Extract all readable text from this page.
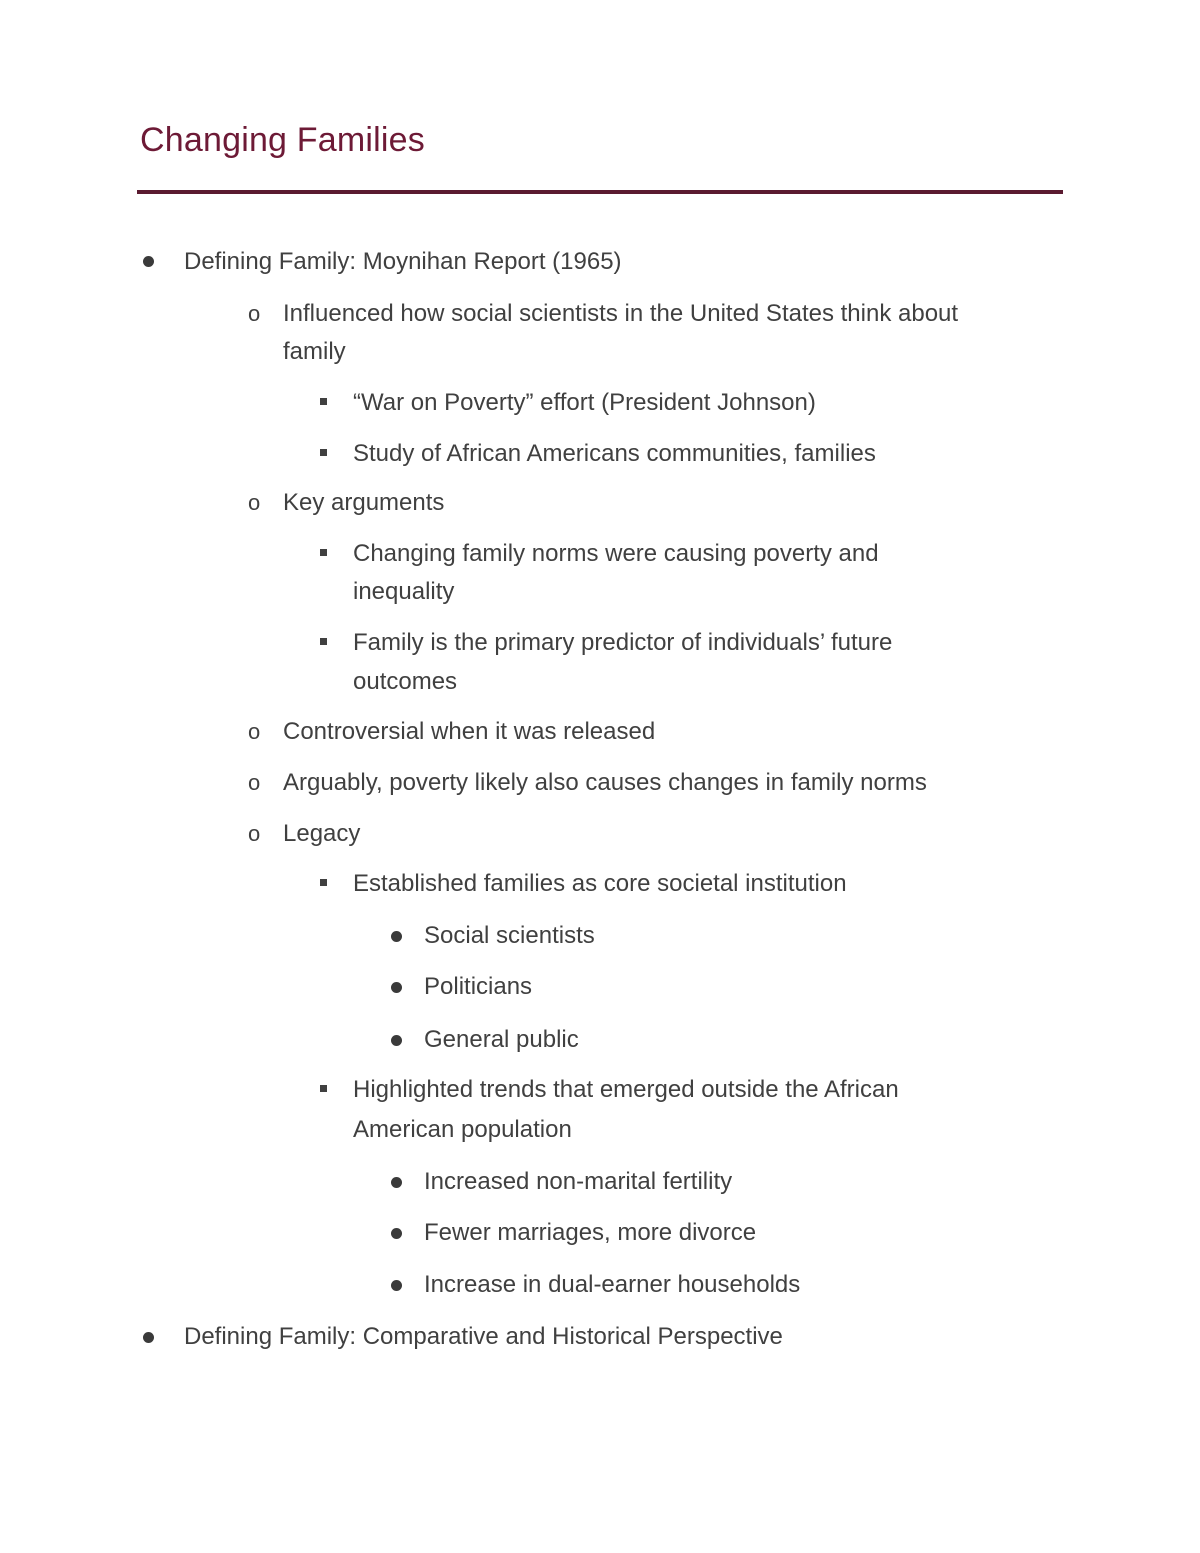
Changing Families
Defining Family: Moynihan Report (1965)
o Influenced how social scientists in the United States think about
family
“War on Poverty” effort (President Johnson)
Study of African Americans communities, families
o Key arguments
Changing family norms were causing poverty and
inequality
Family is the primary predictor of individuals’ future
outcomes
o Controversial when it was released
o Arguably, poverty likely also causes changes in family norms
o Legacy
Established families as core societal institution
Social scientists
Politicians
General public
Highlighted trends that emerged outside the African
American population
Increased non-marital fertility
Fewer marriages, more divorce
Increase in dual-earner households
Defining Family: Comparative and Historical Perspective
